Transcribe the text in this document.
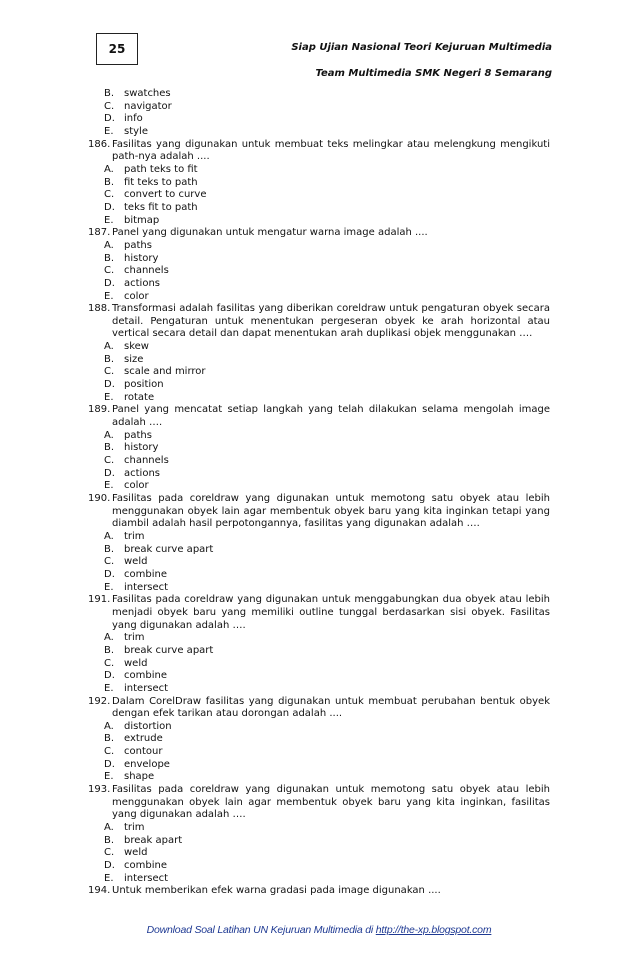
25	Siap Ujian Nasional Teori Kejuruan Multimedia
Team Multimedia SMK Negeri 8 Semarang
B. swatches
C. navigator
D. info
E.	style
186. Fasilitas yang digunakan untuk membuat teks melingkar atau melengkung mengikuti path-nya adalah ....
A.	path teks to fit
B. fit teks to path
C. convert to curve
D. teks fit to path
E.	bitmap
187. Panel yang digunakan untuk mengatur warna image adalah ....
A.	paths
B. history
C. channels
D. actions
E.	color
188. Transformasi adalah fasilitas yang diberikan coreldraw untuk pengaturan obyek secara detail. Pengaturan untuk menentukan pergeseran obyek ke arah horizontal atau vertical secara detail dan dapat menentukan arah duplikasi objek menggunakan ….
A.	skew
B. size
C. scale and mirror
D. position
E.	rotate
189. Panel yang mencatat setiap langkah yang telah dilakukan selama mengolah image adalah ….
A.	paths
B. history
C. channels
D. actions
E.	color
190. Fasilitas pada coreldraw yang digunakan untuk memotong satu obyek atau lebih menggunakan obyek lain agar membentuk obyek baru yang kita inginkan tetapi yang diambil adalah hasil perpotongannya, fasilitas yang digunakan adalah ….
A.	trim
B. break curve apart
C. weld
D. combine
E.	intersect
191. Fasilitas pada coreldraw yang digunakan untuk menggabungkan dua obyek atau lebih menjadi obyek baru yang memiliki outline tunggal berdasarkan sisi obyek. Fasilitas yang digunakan adalah ….
A.	trim
B. break curve apart
C. weld
D. combine
E.	intersect
192. Dalam CorelDraw fasilitas yang digunakan untuk membuat perubahan bentuk obyek dengan efek tarikan atau dorongan adalah ....
A.	distortion
B. extrude
C. contour
D. envelope
E.	shape
193. Fasilitas pada coreldraw yang digunakan untuk memotong satu obyek atau lebih menggunakan obyek lain agar membentuk obyek baru yang kita inginkan, fasilitas yang digunakan adalah ….
A.	trim
B. break apart
C. weld
D. combine
E.	intersect
194. Untuk memberikan efek warna gradasi pada image digunakan ....
Download Soal Latihan UN Kejuruan Multimedia di http://the-xp.blogspot.com
